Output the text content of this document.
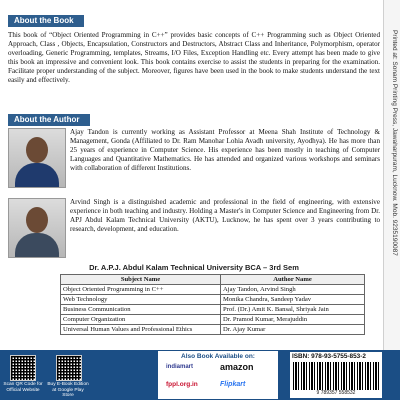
Printed at: Sonam Printing Press, Jawaharpuram, Lucknow. Mob. 9235190087
About the Book
This book of “Object Oriented Programming in C++” provides basic concepts of C++ Programming such as Object Oriented Approach, Class , Objects, Encapsulation, Constructors and Destructors, Abstract Class and Inheritance, Polymorphism, operator overloading, Generic Programming, templates, Streams, I/O Files, Exception Handling etc. Every attempt has been made to give this book an impressive and convenient look. This book contains exercise to assist the students in preparing for the examination. Facilitate proper understanding of the subject. Moreover, figures have been used in the book to make students understand the text easily and effectively.
About the Author
Ajay Tandon is currently working as Assistant Professor at Meena Shah Institute of Technology & Management, Gonda (Affiliated to Dr. Ram Manohar Lohia Avadh university, Ayodhya). He has more than 25 years of experience in Computer Science. His experience has been mostly in teaching of Computer Languages and Quantitative Mathematics. He has attended and organized various workshops and seminars with collaboration of different Institutions.
Arvind Singh is a distinguished academic and professional in the field of engineering, with extensive experience in both teaching and industry. Holding a Master's in Computer Science and Engineering from Dr. APJ Abdul Kalam Technical University (AKTU), Lucknow, he has spent over 3 years contributing to research, development, and education.
Dr. A.P.J. Abdul Kalam Technical University BCA – 3rd Sem
Subject Name	Author Name
Object Oriented Programming in C++	Ajay Tandon, Arvind Singh
Web Technology	Monika Chandra, Sandeep Yadav
Business Communication	Prof. (Dr.) Amit K. Bansal, Shriyak Jain
Computer Organization	Dr. Pramod Kumar, Merajuddin
Universal Human Values and Professional Ethics	Dr. Ajay Kumar
Scan QR Code for Official Website
Buy E-Book Edition at Google Play Store
Also Book Available on:
indiamart	amazon
fppl.org.in	Flipkart
ISBN: 978-93-5755-853-2
9 789357 558532
